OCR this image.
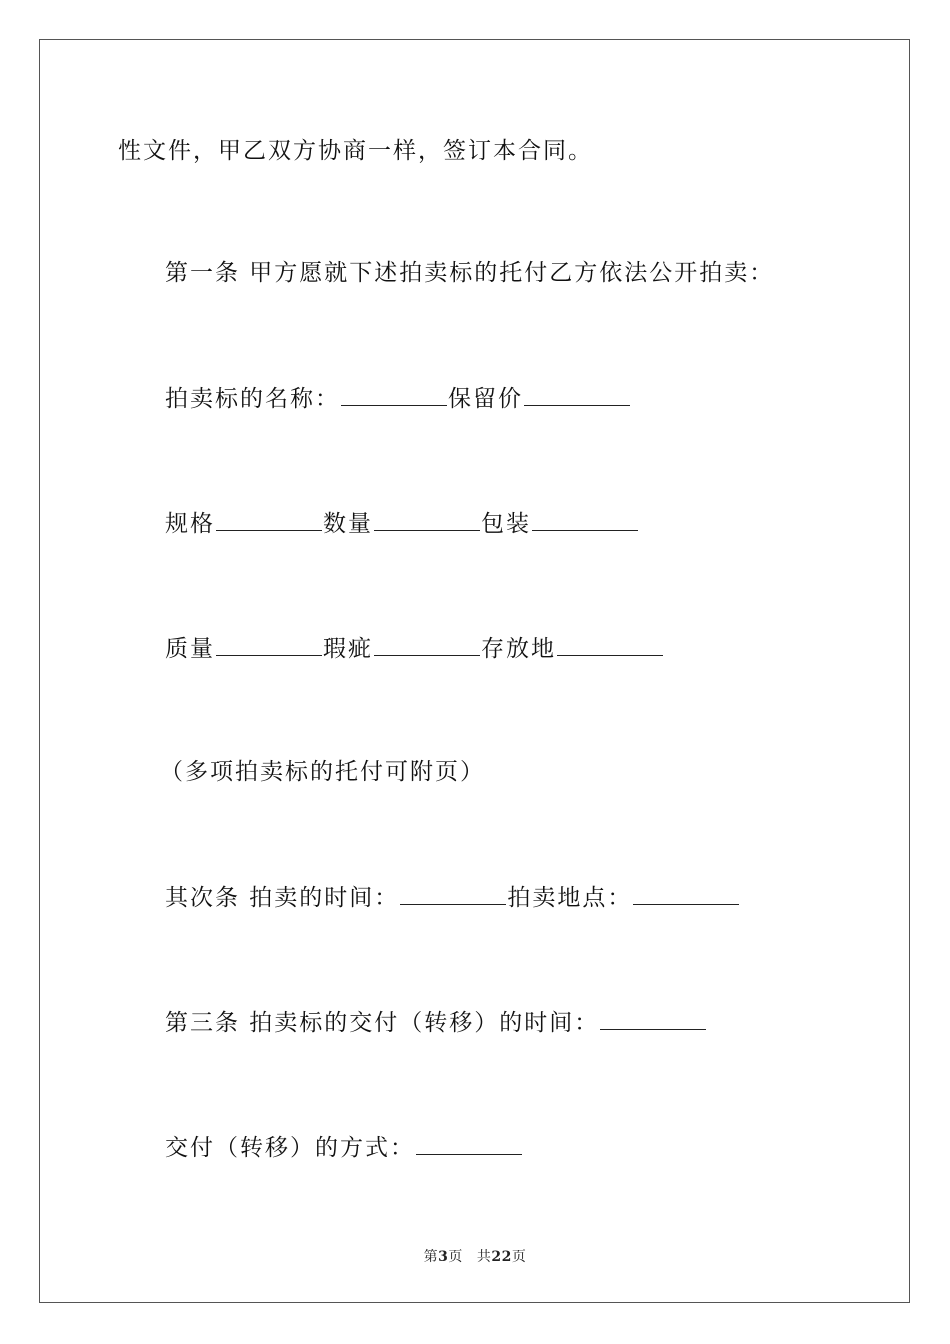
性文件，甲乙双方协商一样，签订本合同。
第一条 甲方愿就下述拍卖标的托付乙方依法公开拍卖：
拍卖标的名称：	保留价
规格	数量	包装
质量	瑕疵	存放地
（多项拍卖标的托付可附页）
其次条 拍卖的时间：	拍卖地点：
第三条 拍卖标的交付（转移）的时间：
交付（转移）的方式：
第3页 共22页
